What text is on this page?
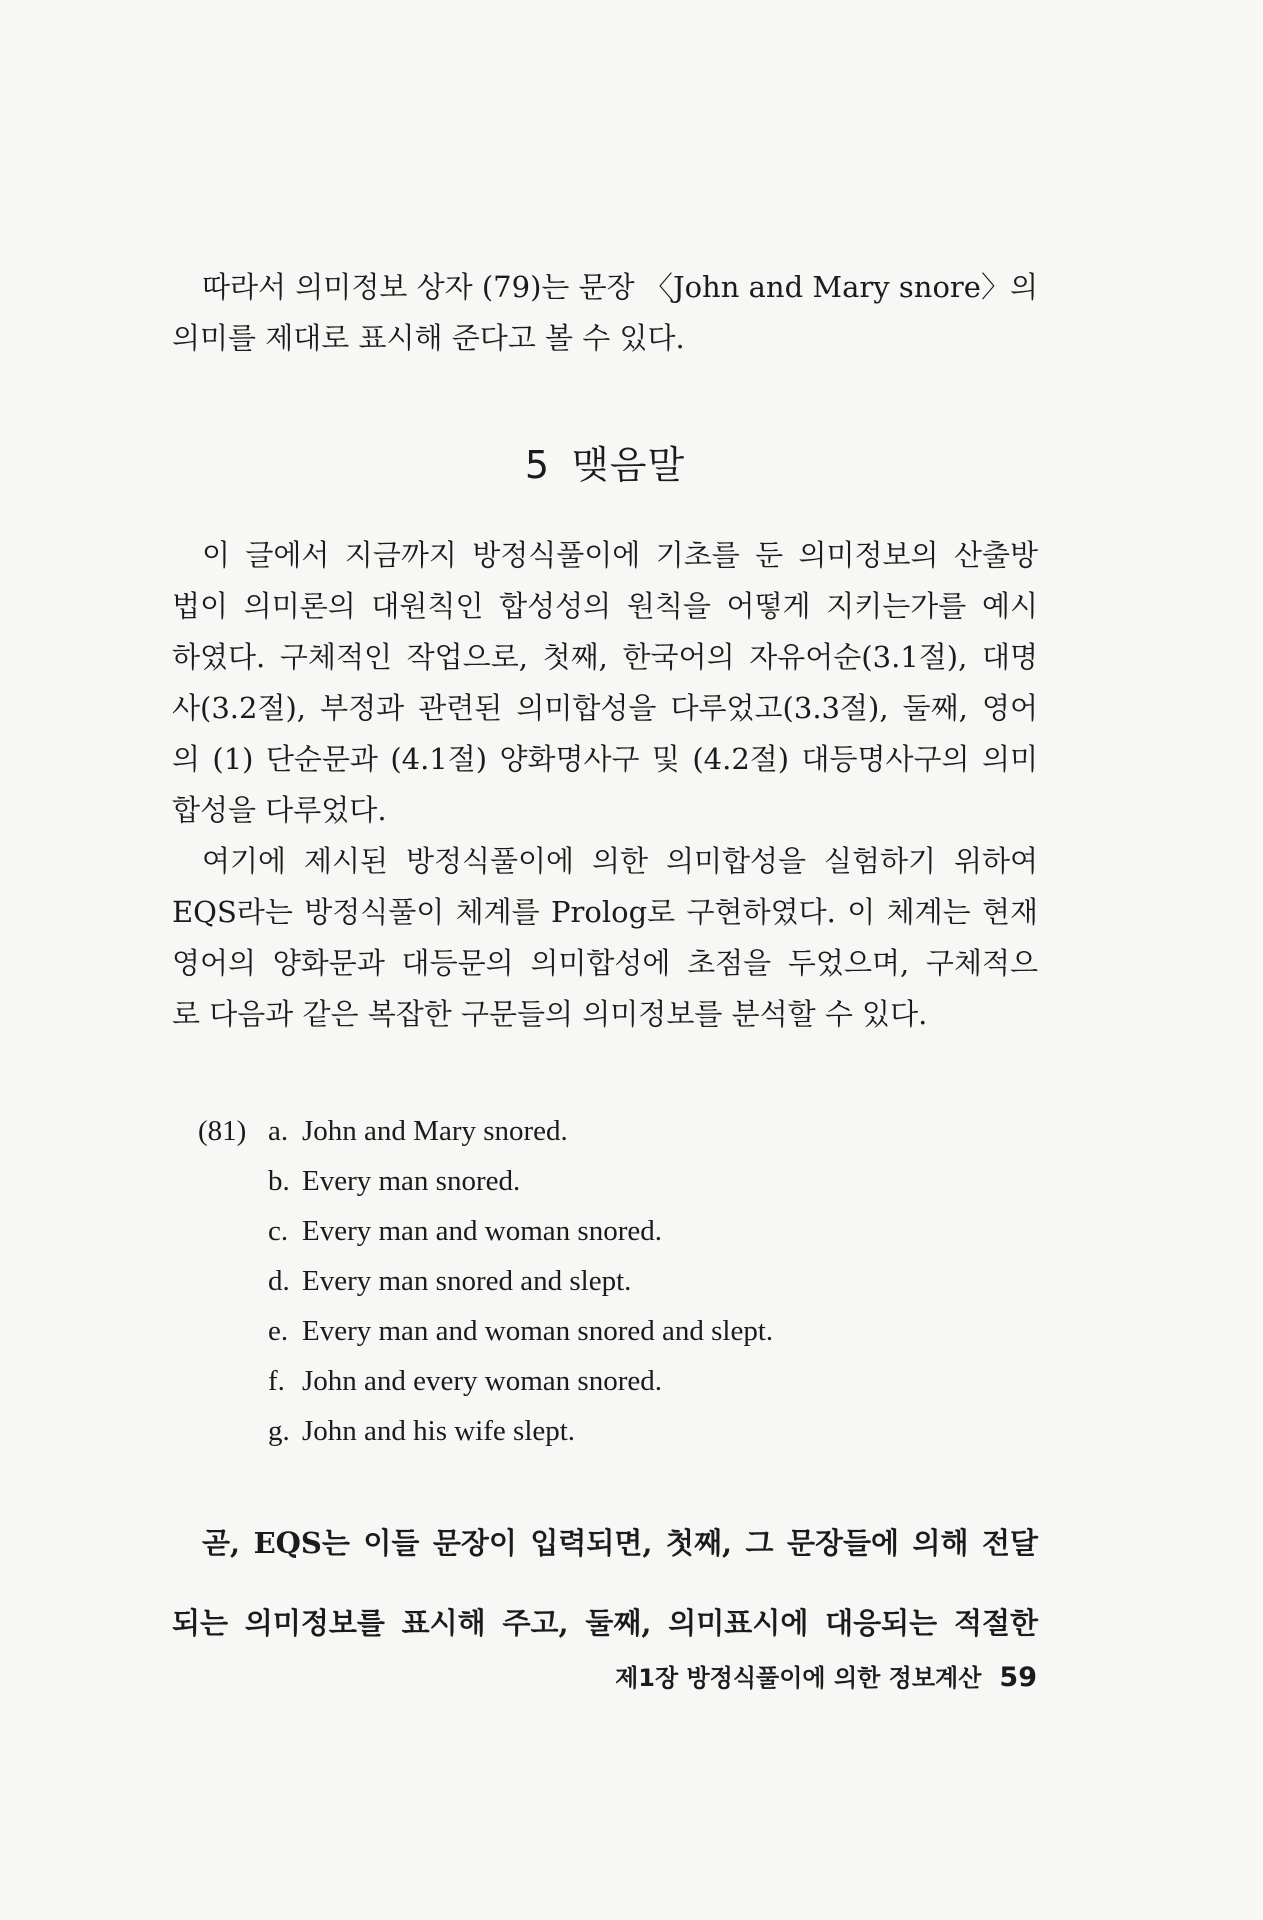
따라서 의미정보 상자 (79)는 문장 〈John and Mary snore〉의

의미를 제대로 표시해 준다고 볼 수 있다.

5 맺음말

이 글에서 지금까지 방정식풀이에 기초를 둔 의미정보의 산출방

법이 의미론의 대원칙인 합성성의 원칙을 어떻게 지키는가를 예시

하였다. 구체적인 작업으로, 첫째, 한국어의 자유어순(3.1절), 대명

사(3.2절), 부정과 관련된 의미합성을 다루었고(3.3절), 둘째, 영어

의 (1) 단순문과 (4.1절) 양화명사구 및 (4.2절) 대등명사구의 의미

합성을 다루었다.

여기에 제시된 방정식풀이에 의한 의미합성을 실험하기 위하여

EQS라는 방정식풀이 체계를 Prolog로 구현하였다. 이 체계는 현재

영어의 양화문과 대등문의 의미합성에 초점을 두었으며, 구체적으

로 다음과 같은 복잡한 구문들의 의미정보를 분석할 수 있다.

(81) a. John and Mary snored.
b. Every man snored.
c. Every man and woman snored.
d. Every man snored and slept.
e. Every man and woman snored and slept.
f. John and every woman snored.
g. John and his wife slept.

곧, EQS는 이들 문장이 입력되면, 첫째, 그 문장들에 의해 전달

되는 의미정보를 표시해 주고, 둘째, 의미표시에 대응되는 적절한

제1장 방정식풀이에 의한 정보계산 59
